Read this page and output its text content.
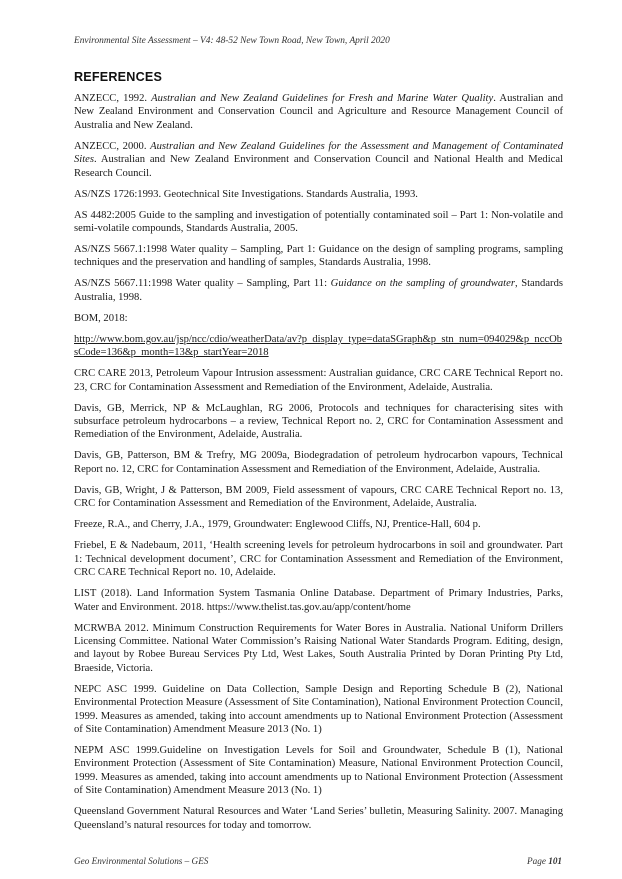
Environmental Site Assessment – V4: 48-52 New Town Road, New Town, April 2020
REFERENCES

ANZECC, 1992. Australian and New Zealand Guidelines for Fresh and Marine Water Quality. Australian and New Zealand Environment and Conservation Council and Agriculture and Resource Management Council of Australia and New Zealand.

ANZECC, 2000. Australian and New Zealand Guidelines for the Assessment and Management of Contaminated Sites. Australian and New Zealand Environment and Conservation Council and National Health and Medical Research Council.

AS/NZS 1726:1993. Geotechnical Site Investigations. Standards Australia, 1993.

AS 4482:2005 Guide to the sampling and investigation of potentially contaminated soil – Part 1: Non-volatile and semi-volatile compounds, Standards Australia, 2005.

AS/NZS 5667.1:1998 Water quality – Sampling, Part 1: Guidance on the design of sampling programs, sampling techniques and the preservation and handling of samples, Standards Australia, 1998.

AS/NZS 5667.11:1998 Water quality – Sampling, Part 11: Guidance on the sampling of groundwater, Standards Australia, 1998.

BOM, 2018:

http://www.bom.gov.au/jsp/ncc/cdio/weatherData/av?p_display_type=dataSGraph&p_stn_num=094029&p_nccObsCode=136&p_month=13&p_startYear=2018

CRC CARE 2013, Petroleum Vapour Intrusion assessment: Australian guidance, CRC CARE Technical Report no. 23, CRC for Contamination Assessment and Remediation of the Environment, Adelaide, Australia.

Davis, GB, Merrick, NP & McLaughlan, RG 2006, Protocols and techniques for characterising sites with subsurface petroleum hydrocarbons – a review, Technical Report no. 2, CRC for Contamination Assessment and Remediation of the Environment, Adelaide, Australia.

Davis, GB, Patterson, BM & Trefry, MG 2009a, Biodegradation of petroleum hydrocarbon vapours, Technical Report no. 12, CRC for Contamination Assessment and Remediation of the Environment, Adelaide, Australia.

Davis, GB, Wright, J & Patterson, BM 2009, Field assessment of vapours, CRC CARE Technical Report no. 13, CRC for Contamination Assessment and Remediation of the Environment, Adelaide, Australia.

Freeze, R.A., and Cherry, J.A., 1979, Groundwater: Englewood Cliffs, NJ, Prentice-Hall, 604 p.

Friebel, E & Nadebaum, 2011, ‘Health screening levels for petroleum hydrocarbons in soil and groundwater. Part 1: Technical development document’, CRC for Contamination Assessment and Remediation of the Environment, CRC CARE Technical Report no. 10, Adelaide.

LIST (2018). Land Information System Tasmania Online Database. Department of Primary Industries, Parks, Water and Environment. 2018. https://www.thelist.tas.gov.au/app/content/home

MCRWBA 2012. Minimum Construction Requirements for Water Bores in Australia. National Uniform Drillers Licensing Committee. National Water Commission’s Raising National Water Standards Program. Editing, design, and layout by Robee Bureau Services Pty Ltd, West Lakes, South Australia Printed by Doran Printing Pty Ltd, Braeside, Victoria.

NEPC ASC 1999. Guideline on Data Collection, Sample Design and Reporting Schedule B (2), National Environmental Protection Measure (Assessment of Site Contamination), National Environment Protection Council, 1999. Measures as amended, taking into account amendments up to National Environment Protection (Assessment of Site Contamination) Amendment Measure 2013 (No. 1)

NEPM ASC 1999.Guideline on Investigation Levels for Soil and Groundwater, Schedule B (1), National Environment Protection (Assessment of Site Contamination) Measure, National Environment Protection Council, 1999. Measures as amended, taking into account amendments up to National Environment Protection (Assessment of Site Contamination) Amendment Measure 2013 (No. 1)

Queensland Government Natural Resources and Water ‘Land Series’ bulletin, Measuring Salinity. 2007. Managing Queensland’s natural resources for today and tomorrow.

Geo Environmental Solutions – GES	Page 101
